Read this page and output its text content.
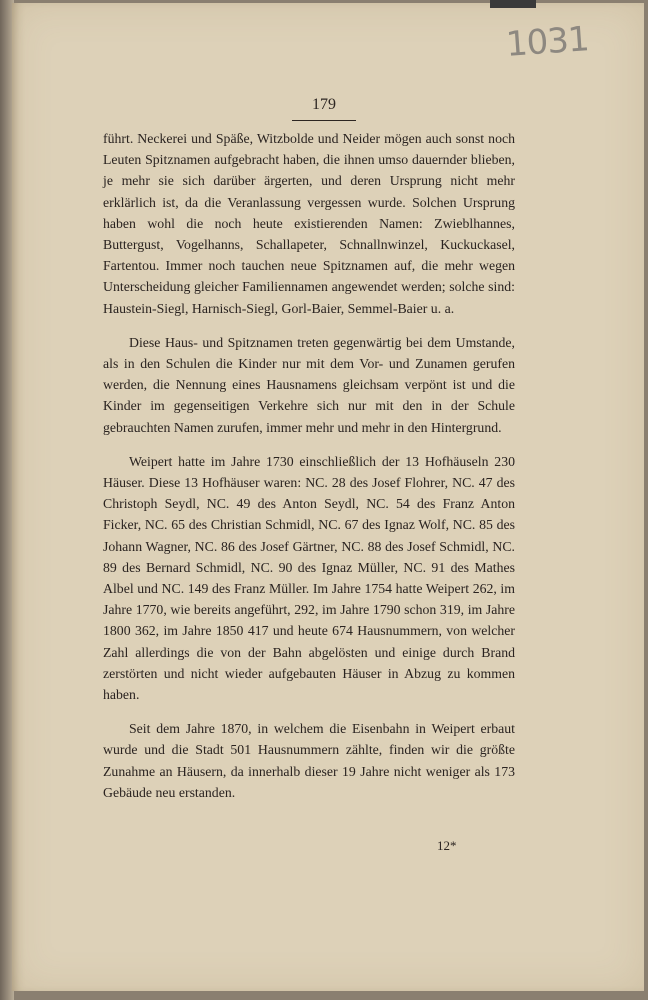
1031
179

führt. Neckerei und Späße, Witzbolde und Neider mögen auch sonst noch Leuten Spitznamen aufgebracht haben, die ihnen umso dauernder blieben, je mehr sie sich darüber ärgerten, und deren Ursprung nicht mehr erklärlich ist, da die Veranlassung vergessen wurde. Solchen Ursprung haben wohl die noch heute existierenden Namen: Zwieblhannes, Buttergust, Vogelhanns, Schallapeter, Schnallnwinzel, Kuckuckasel, Fartentou. Immer noch tauchen neue Spitznamen auf, die mehr wegen Unterscheidung gleicher Familiennamen angewendet werden; solche sind: Haustein-Siegl, Harnisch-Siegl, Gorl-Baier, Semmel-Baier u. a.

Diese Haus- und Spitznamen treten gegenwärtig bei dem Umstande, als in den Schulen die Kinder nur mit dem Vor- und Zunamen gerufen werden, die Nennung eines Hausnamens gleichsam verpönt ist und die Kinder im gegenseitigen Verkehre sich nur mit den in der Schule gebrauchten Namen zurufen, immer mehr und mehr in den Hintergrund.

Weipert hatte im Jahre 1730 einschließlich der 13 Hofhäuseln 230 Häuser. Diese 13 Hofhäuser waren: NC. 28 des Josef Flohrer, NC. 47 des Christoph Seydl, NC. 49 des Anton Seydl, NC. 54 des Franz Anton Ficker, NC. 65 des Christian Schmidl, NC. 67 des Ignaz Wolf, NC. 85 des Johann Wagner, NC. 86 des Josef Gärtner, NC. 88 des Josef Schmidl, NC. 89 des Bernard Schmidl, NC. 90 des Ignaz Müller, NC. 91 des Mathes Albel und NC. 149 des Franz Müller. Im Jahre 1754 hatte Weipert 262, im Jahre 1770, wie bereits angeführt, 292, im Jahre 1790 schon 319, im Jahre 1800 362, im Jahre 1850 417 und heute 674 Hausnummern, von welcher Zahl allerdings die von der Bahn abgelösten und einige durch Brand zerstörten und nicht wieder aufgebauten Häuser in Abzug zu kommen haben.

Seit dem Jahre 1870, in welchem die Eisenbahn in Weipert erbaut wurde und die Stadt 501 Hausnummern zählte, finden wir die größte Zunahme an Häusern, da innerhalb dieser 19 Jahre nicht weniger als 173 Gebäude neu erstanden.

12*
